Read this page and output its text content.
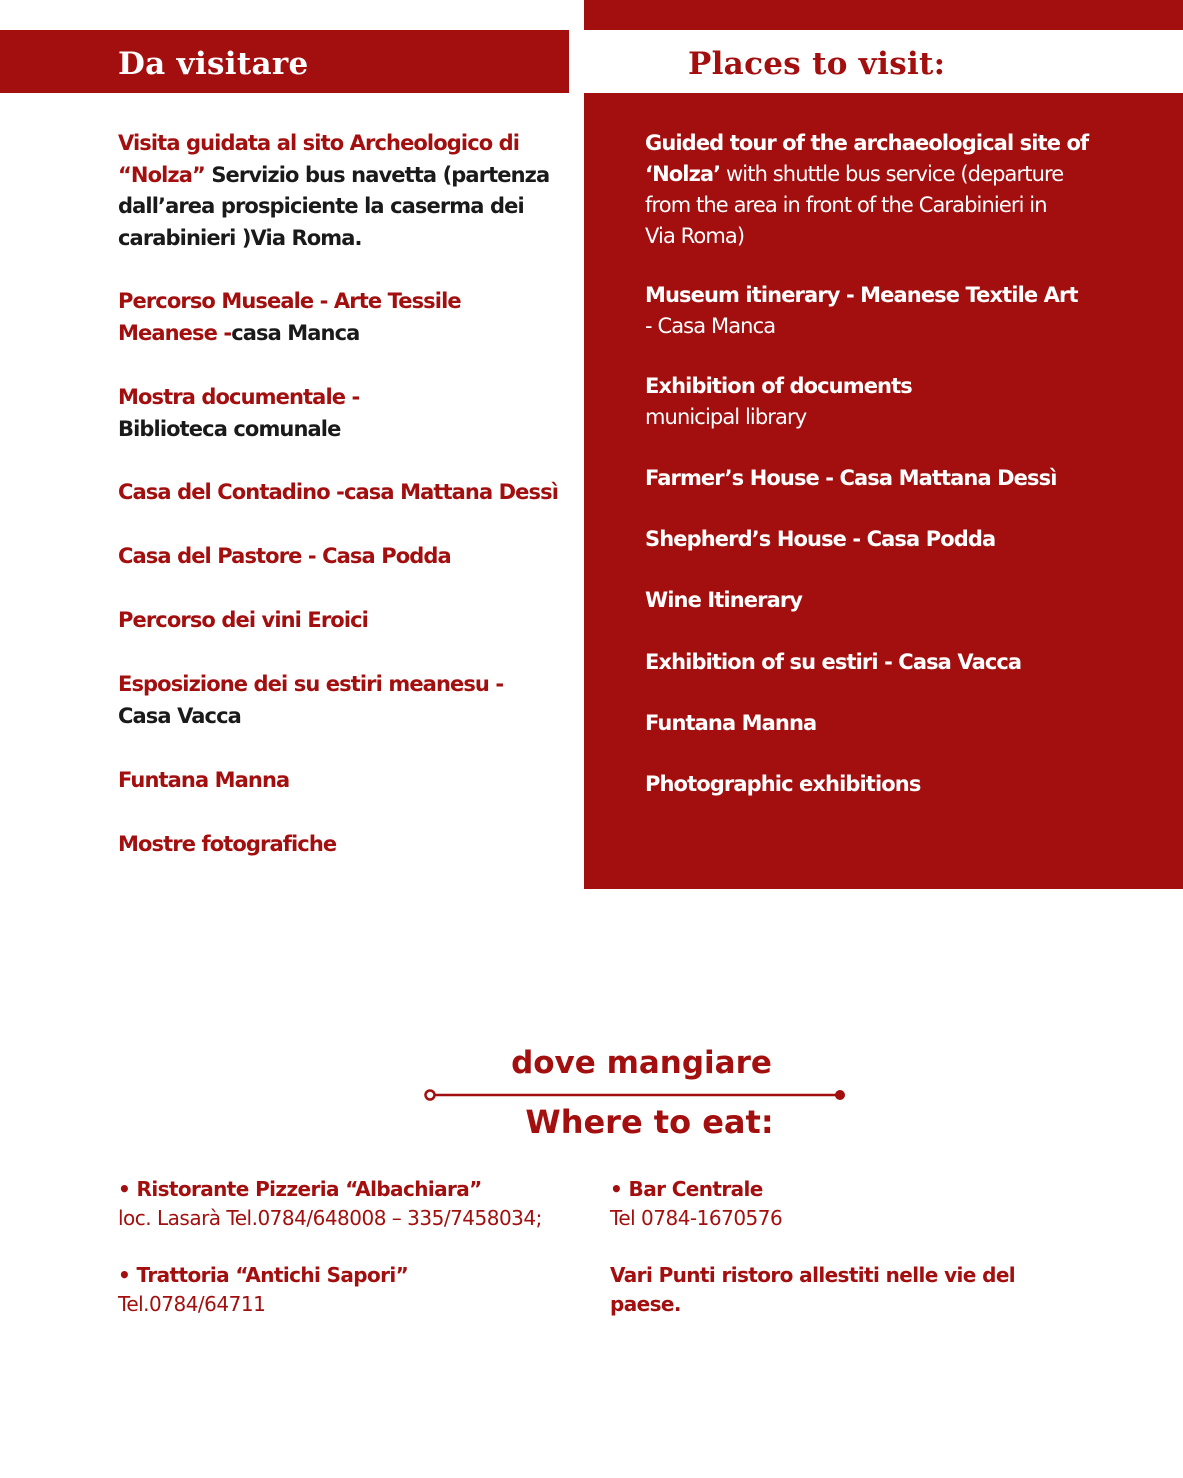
Da visitare	Places to visit:
Visita guidata al sito Archeologico di
“Nolza” Servizio bus navetta (partenza
dall’area prospiciente la caserma dei
carabinieri )Via Roma.
Percorso Museale - Arte Tessile
Meanese -casa Manca
Mostra documentale -
Biblioteca comunale
Casa del Contadino -casa Mattana Dessì
Casa del Pastore - Casa Podda
Percorso dei vini Eroici
Esposizione dei su estiri meanesu -
Casa Vacca
Funtana Manna
Mostre fotografiche
Guided tour of the archaeological site of
‘Nolza’ with shuttle bus service (departure
from the area in front of the Carabinieri in
Via Roma)
Museum itinerary - Meanese Textile Art
- Casa Manca
Exhibition of documents
municipal library
Farmer’s House - Casa Mattana Dessì
Shepherd’s House - Casa Podda
Wine Itinerary
Exhibition of su estiri - Casa Vacca
Funtana Manna
Photographic exhibitions
dove mangiare
Where to eat:
• Ristorante Pizzeria “Albachiara”
loc. Lasarà Tel.0784/648008 – 335/7458034;
• Trattoria “Antichi Sapori”
Tel.0784/64711
• Bar Centrale
Tel 0784-1670576
Vari Punti ristoro allestiti nelle vie del
paese.
